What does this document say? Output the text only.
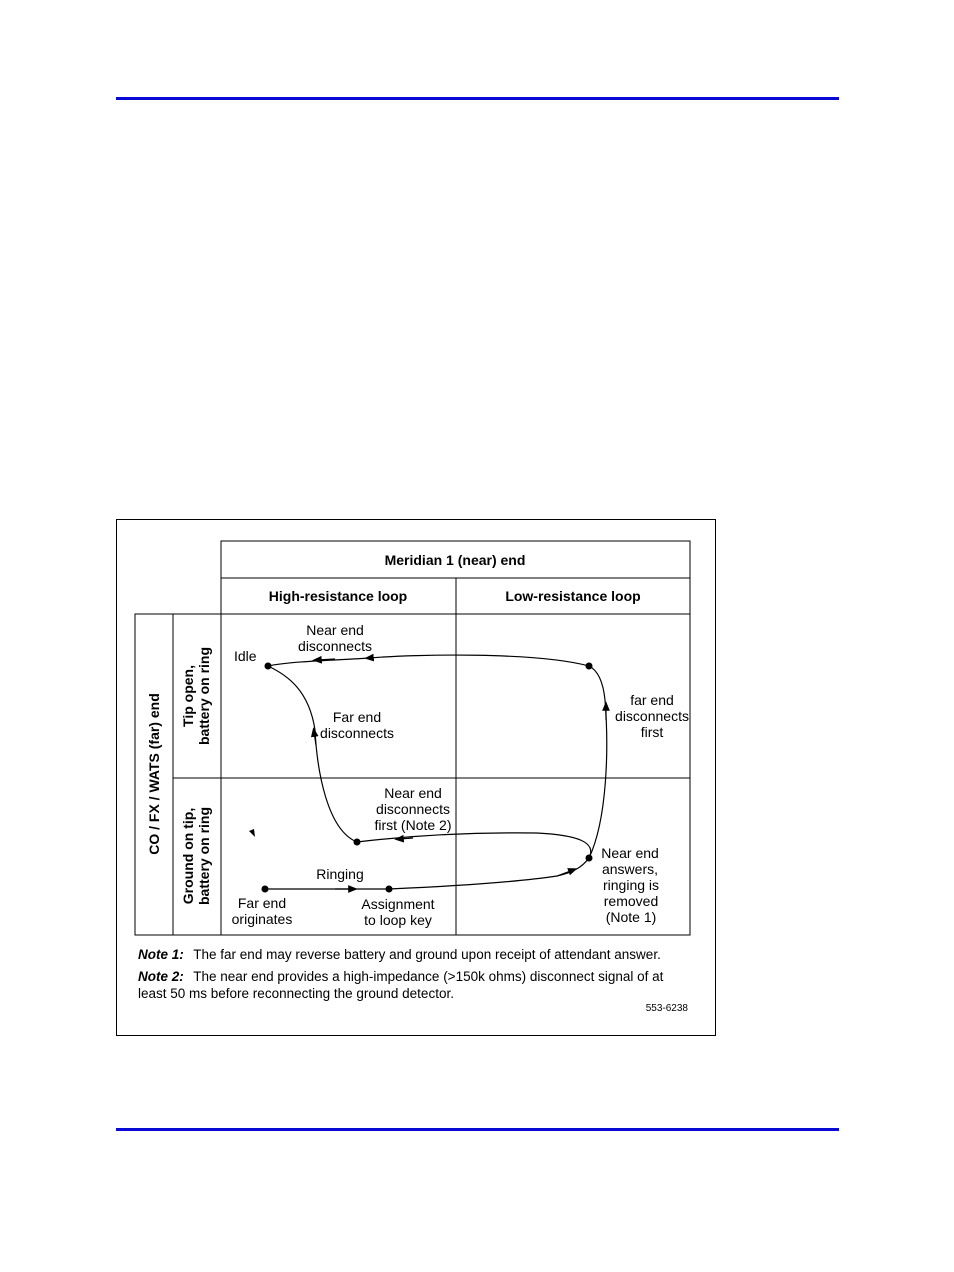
Meridian 1 (near) end
High-resistance loop	Low-resistance loop
CO / FX / WATS (far) end Tip open, battery on ring
Ground on tip, battery on ring
Idle
Near end
disconnects
Far end
disconnects
far end
disconnects
first
Near end
disconnects
first (Note 2)
Ringing
Far end
originates
Assignment
to loop key
Near end
answers,
ringing is
removed
(Note 1)
Note 1: The far end may reverse battery and ground upon receipt of attendant answer.
Note 2: The near end provides a high-impedance (>150k ohms) disconnect signal of at
least 50 ms before reconnecting the ground detector.
553-6238
